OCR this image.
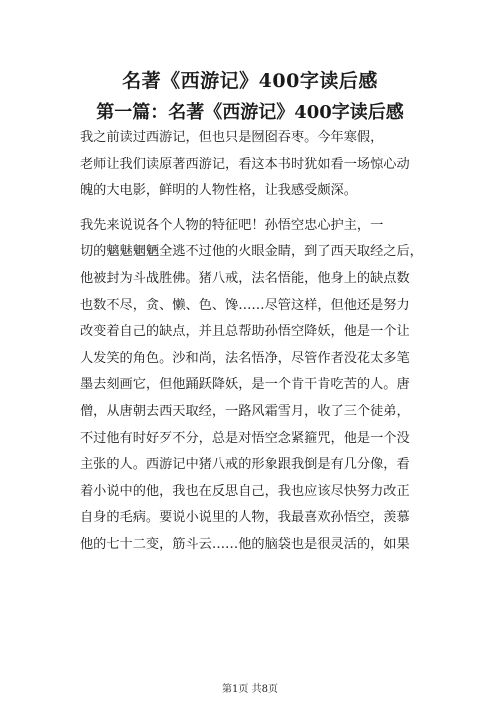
名著《西游记》400字读后感
第一篇：名著《西游记》400字读后感
我之前读过西游记，但也只是囫囵吞枣。今年寒假，
老师让我们读原著西游记，看这本书时犹如看一场惊心动
魄的大电影，鲜明的人物性格，让我感受颇深。
我先来说说各个人物的特征吧！孙悟空忠心护主，一
切的魑魅魍魉全逃不过他的火眼金睛，到了西天取经之后，
他被封为斗战胜佛。猪八戒，法名悟能，他身上的缺点数
也数不尽，贪、懒、色、馋……尽管这样，但他还是努力
改变着自己的缺点，并且总帮助孙悟空降妖，他是一个让
人发笑的角色。沙和尚，法名悟净，尽管作者没花太多笔
墨去刻画它，但他踊跃降妖，是一个肯干肯吃苦的人。唐
僧，从唐朝去西天取经，一路风霜雪月，收了三个徒弟，
不过他有时好歹不分，总是对悟空念紧箍咒，他是一个没
主张的人。西游记中猪八戒的形象跟我倒是有几分像，看
着小说中的他，我也在反思自己，我也应该尽快努力改正
自身的毛病。要说小说里的人物，我最喜欢孙悟空，羡慕
他的七十二变，筋斗云……他的脑袋也是很灵活的，如果
第1页 共8页
